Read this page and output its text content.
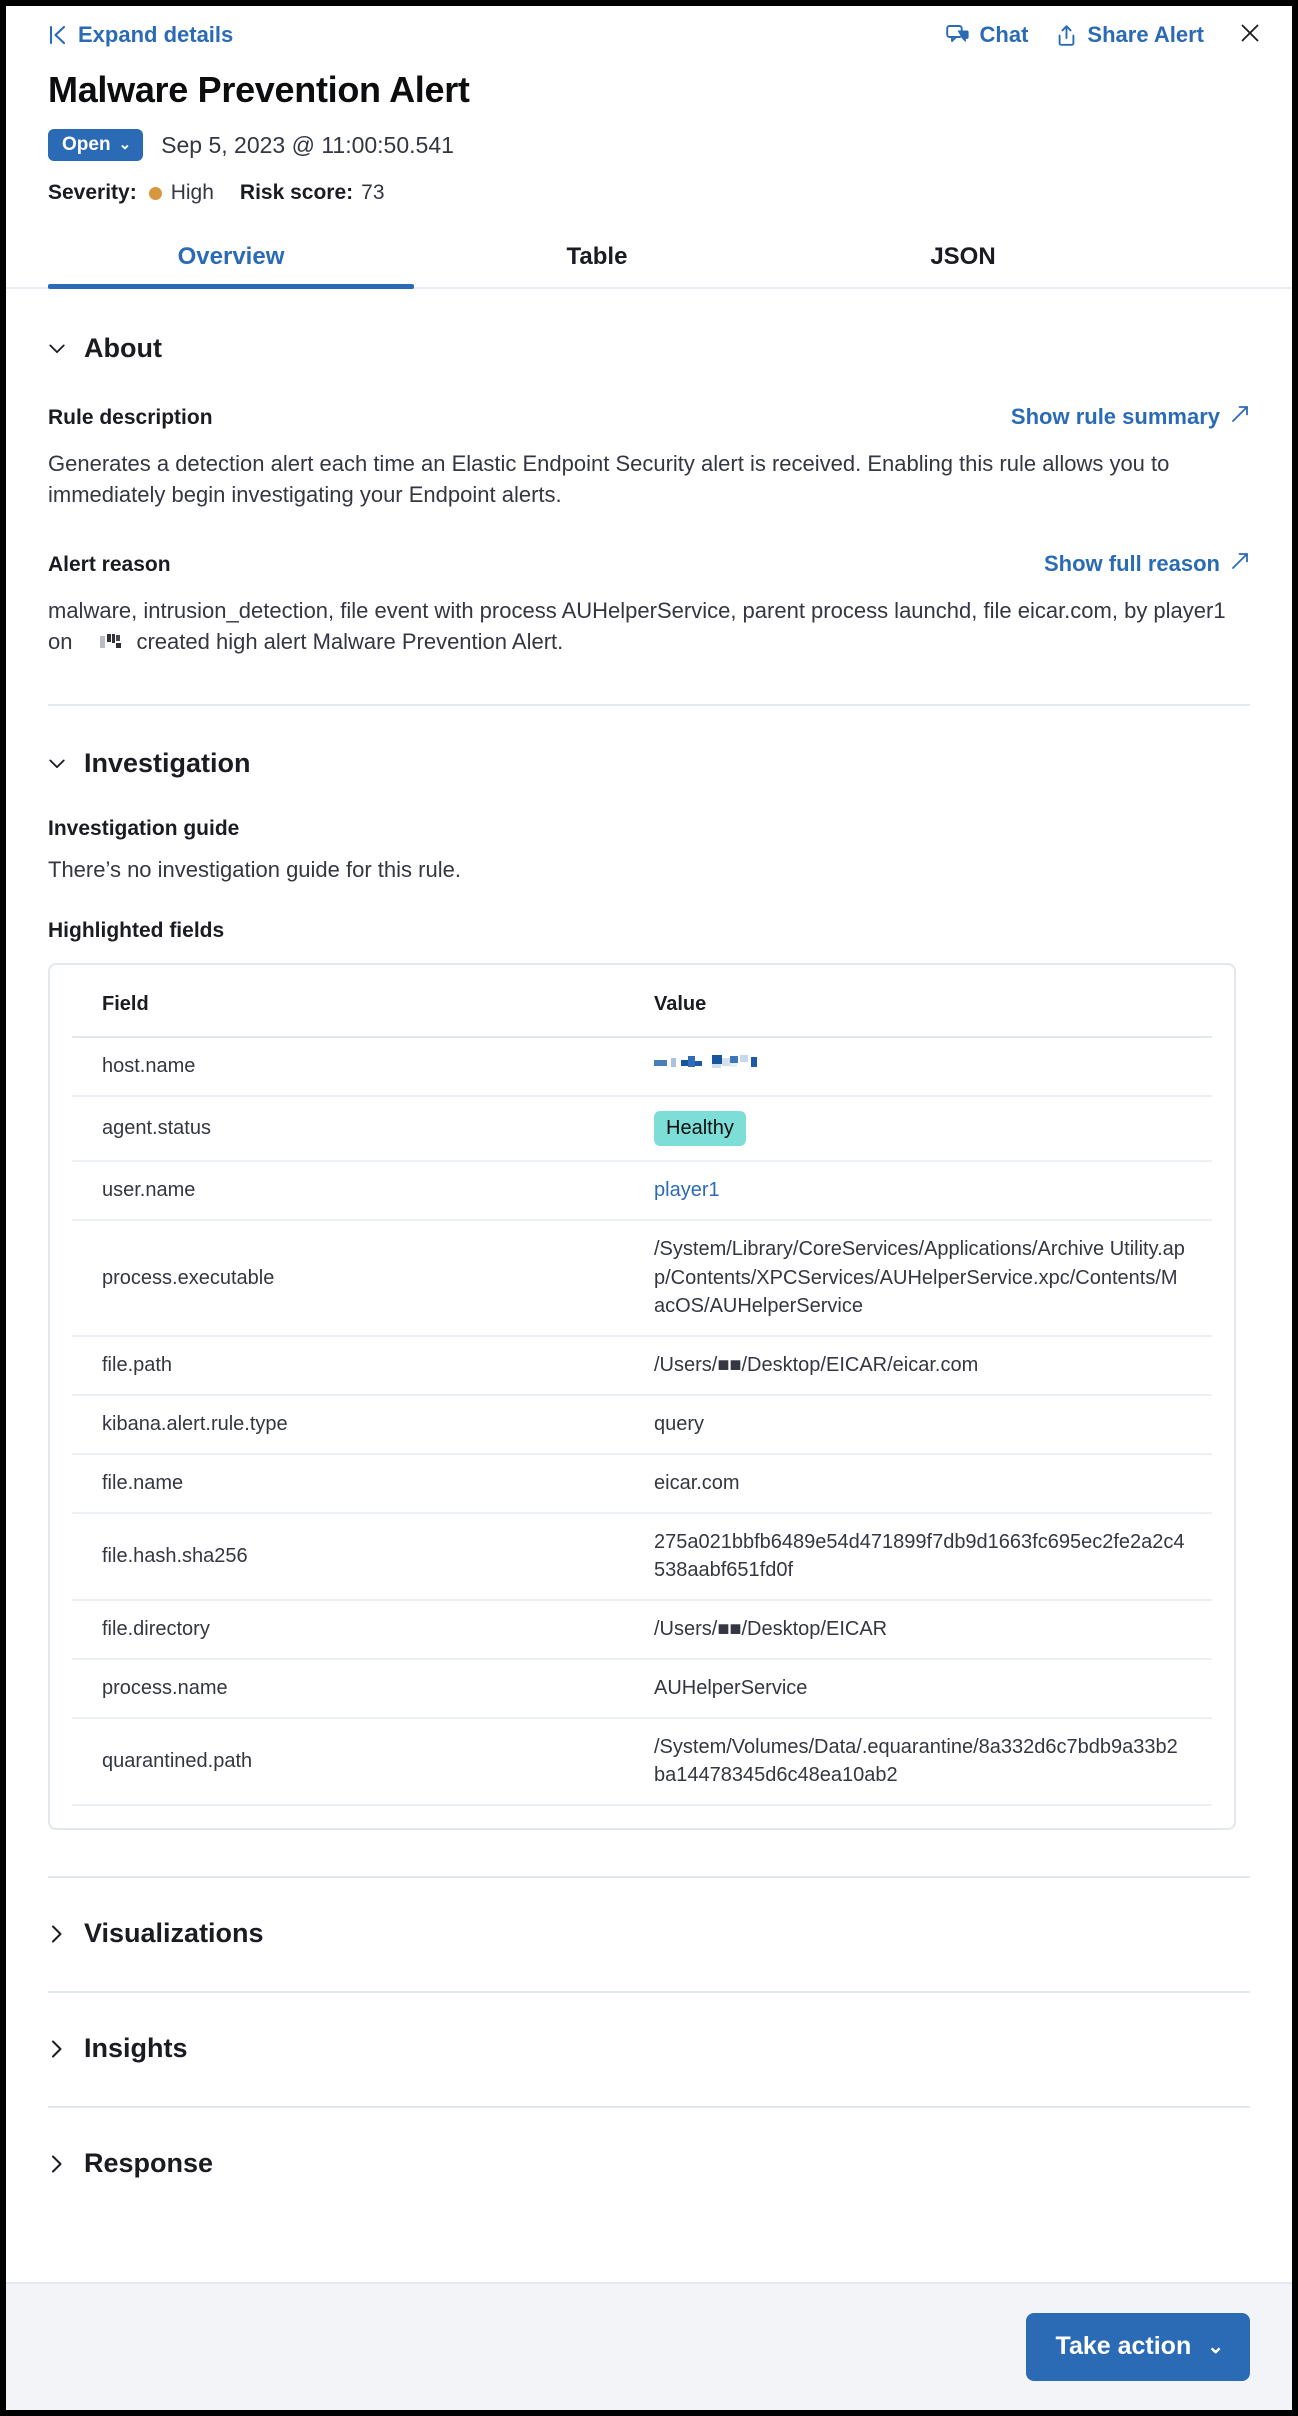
Expand details	Chat	Share Alert
Malware Prevention Alert
Open ⌄ Sep 5, 2023 @ 11:00:50.541
Severity: High Risk score: 73
Overview	Table	JSON
About
Rule description	Show rule summary
Generates a detection alert each time an Elastic Endpoint Security alert is received. Enabling this rule allows you to immediately begin investigating your Endpoint alerts.
Alert reason	Show full reason
malware, intrusion_detection, file event with process AUHelperService, parent process launchd, file eicar.com, by player1 on	created high alert Malware Prevention Alert.
Investigation
Investigation guide
There’s no investigation guide for this rule.
Highlighted fields
Field	Value
host.name	
agent.status	Healthy
user.name	player1
process.executable	/System/Library/CoreServices/Applications/Archive Utility.app/Contents/XPCServices/AUHelperService.xpc/Contents/MacOS/AUHelperService

file.path	/Users/■■/Desktop/EICAR/eicar.com

kibana.alert.rule.type	query

file.name	eicar.com

file.hash.sha256	275a021bbfb6489e54d471899f7db9d1663fc695ec2fe2a2c4538aabf651fd0f

file.directory	/Users/■■/Desktop/EICAR

process.name	AUHelperService

quarantined.path	/System/Volumes/Data/.equarantine/8a332d6c7bdb9a33b2ba14478345d6c48ea10ab2
Visualizations
Insights
Response
Take action ⌄
